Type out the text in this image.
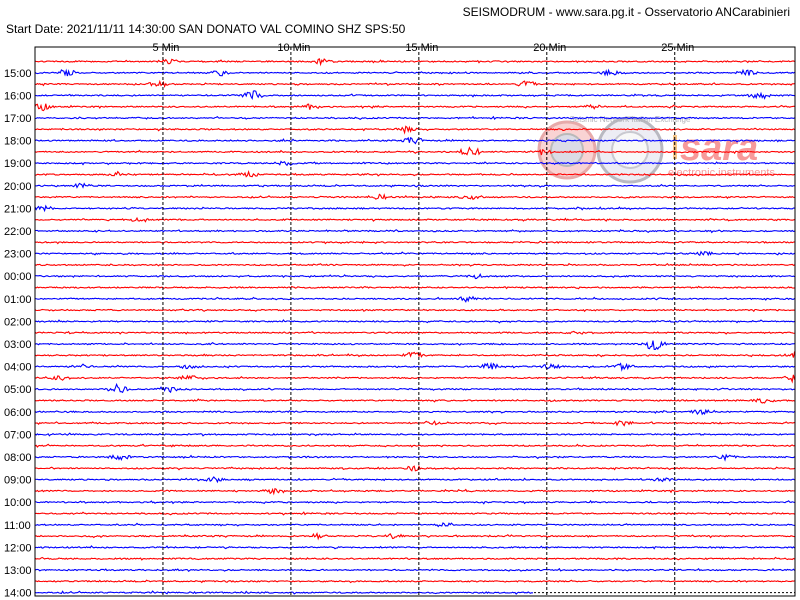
SEISMODRUM - www.sara.pg.it - Osservatorio ANCarabinieri
Start Date: 2021/11/11 14:30:00 SAN DONATO VAL COMINO SHZ SPS:50
Seismic Network Italian Exchange
sara
electronic instruments
15:00
16:00
17:00
18:00
19:00
20:00
21:00
22:00
23:00
00:00
01:00
02:00
03:00
04:00
05:00
06:00
07:00
08:00
09:00
10:00
11:00
12:00
13:00
14:00
5 Min	10 Min	15 Min	20 Min	25 Min
